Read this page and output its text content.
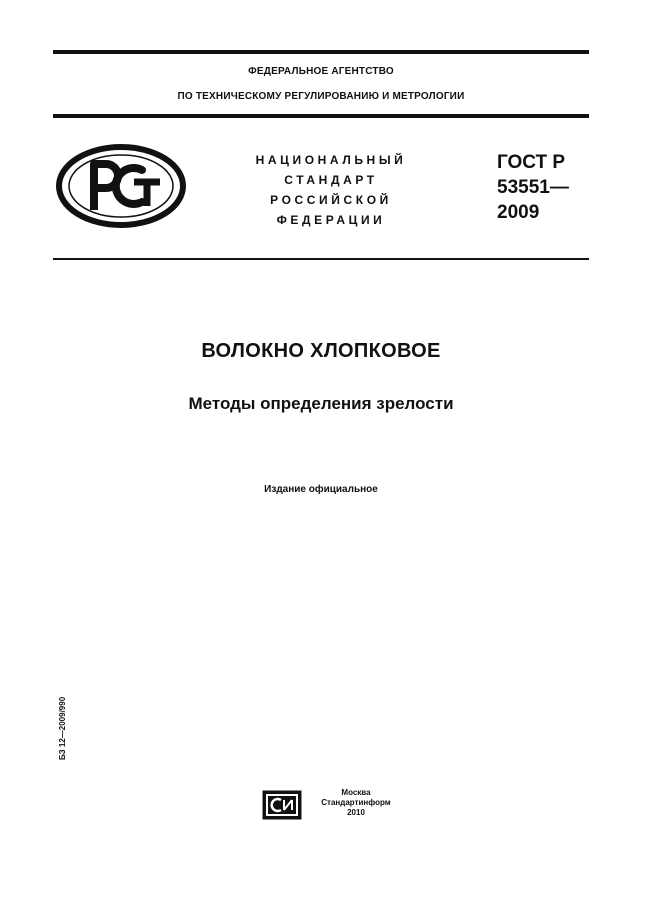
ФЕДЕРАЛЬНОЕ АГЕНТСТВО
ПО ТЕХНИЧЕСКОМУ РЕГУЛИРОВАНИЮ И МЕТРОЛОГИИ
НАЦИОНАЛЬНЫЙ
СТАНДАРТ
РОССИЙСКОЙ
ФЕДЕРАЦИИ
ГОСТ Р
53551—
2009
ВОЛОКНО ХЛОПКОВОЕ
Методы определения зрелости
Издание официальное
БЗ 12—2009/990
Москва
Стандартинформ
2010
